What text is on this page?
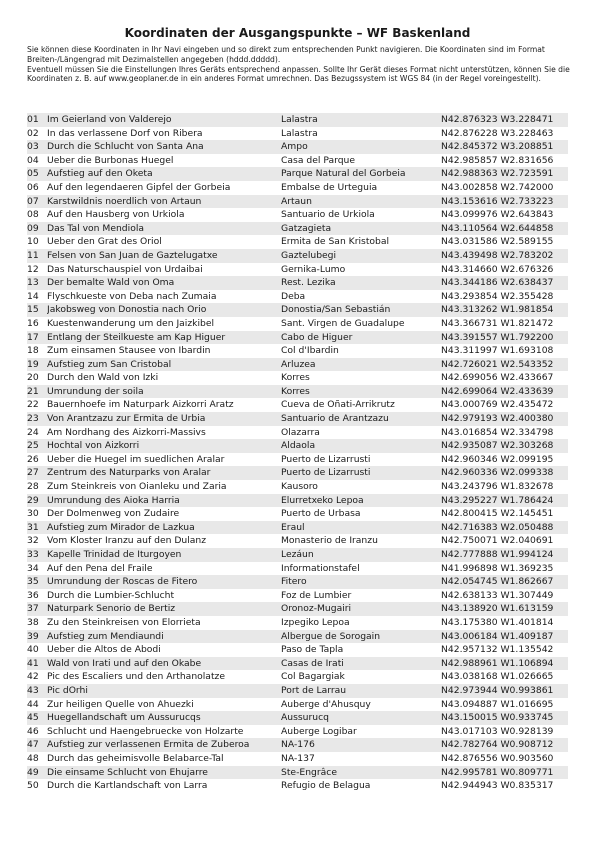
Koordinaten der Ausgangspunkte – WF Baskenland

Sie können diese Koordinaten in Ihr Navi eingeben und so direkt zum entsprechenden Punkt navigieren. Die Koordinaten sind im Format Breiten-/Längengrad mit Dezimalstellen angegeben (hddd.ddddd).

Eventuell müssen Sie die Einstellungen Ihres Geräts entsprechend anpassen. Sollte Ihr Gerät dieses Format nicht unterstützen, können Sie die Koordinaten z. B. auf www.geoplaner.de in ein anderes Format umrechnen. Das Bezugssystem ist WGS 84 (in der Regel voreingestellt).

01	Im Geierland von Valderejo	Lalastra	N42.876323 W3.228471
02	In das verlassene Dorf von Ribera	Lalastra	N42.876228 W3.228463
03	Durch die Schlucht von Santa Ana	Ampo	N42.845372 W3.208851
04	Ueber die Burbonas Huegel	Casa del Parque	N42.985857 W2.831656
05	Aufstieg auf den Oketa	Parque Natural del Gorbeia	N42.988363 W2.723591
06	Auf den legendaeren Gipfel der Gorbeia	Embalse de Urteguia	N43.002858 W2.742000
07	Karstwildnis noerdlich von Artaun	Artaun	N43.153616 W2.733223
08	Auf den Hausberg von Urkiola	Santuario de Urkiola	N43.099976 W2.643843
09	Das Tal von Mendiola	Gatzagieta	N43.110564 W2.644858
10	Ueber den Grat des Oriol	Ermita de San Kristobal	N43.031586 W2.589155
11	Felsen von San Juan de Gaztelugatxe	Gaztelubegi	N43.439498 W2.783202
12	Das Naturschauspiel von Urdaibai	Gernika-Lumo	N43.314660 W2.676326
13	Der bemalte Wald von Oma	Rest. Lezika	N43.344186 W2.638437
14	Flyschkueste von Deba nach Zumaia	Deba	N43.293854 W2.355428
15	Jakobsweg von Donostia nach Orio	Donostia/San Sebastián	N43.313262 W1.981854
16	Kuestenwanderung um den Jaizkibel	Sant. Virgen de Guadalupe	N43.366731 W1.821472
17	Entlang der Steilkueste am Kap Higuer	Cabo de Higuer	N43.391557 W1.792200
18	Zum einsamen Stausee von Ibardin	Col d'Ibardin	N43.311997 W1.693108
19	Aufstieg zum San Cristobal	Arluzea	N42.726021 W2.543352
20	Durch den Wald von Izki	Korres	N42.699056 W2.433667
21	Umrundung der soila	Korres	N42.699064 W2.433639
22	Bauernhoefe im Naturpark Aizkorri Aratz	Cueva de Oñati-Arrikrutz	N43.000769 W2.435472
23	Von Arantzazu zur Ermita de Urbia	Santuario de Arantzazu	N42.979193 W2.400380
24	Am Nordhang des Aizkorri-Massivs	Olazarra	N43.016854 W2.334798
25	Hochtal von Aizkorri	Aldaola	N42.935087 W2.303268
26	Ueber die Huegel im suedlichen Aralar	Puerto de Lizarrusti	N42.960346 W2.099195
27	Zentrum des Naturparks von Aralar	Puerto de Lizarrusti	N42.960336 W2.099338
28	Zum Steinkreis von Oianleku und Zaria	Kausoro	N43.243796 W1.832678
29	Umrundung des Aioka Harria	Elurretxeko Lepoa	N43.295227 W1.786424
30	Der Dolmenweg von Zudaire	Puerto de Urbasa	N42.800415 W2.145451
31	Aufstieg zum Mirador de Lazkua	Eraul	N42.716383 W2.050488
32	Vom Kloster Iranzu auf den Dulanz	Monasterio de Iranzu	N42.750071 W2.040691
33	Kapelle Trinidad de Iturgoyen	Lezáun	N42.777888 W1.994124
34	Auf den Pena del Fraile	Informationstafel	N41.996898 W1.369235
35	Umrundung der Roscas de Fitero	Fitero	N42.054745 W1.862667
36	Durch die Lumbier-Schlucht	Foz de Lumbier	N42.638133 W1.307449
37	Naturpark Senorio de Bertiz	Oronoz-Mugairi	N43.138920 W1.613159
38	Zu den Steinkreisen von Elorrieta	Izpegiko Lepoa	N43.175380 W1.401814
39	Aufstieg zum Mendiaundi	Albergue de Sorogain	N43.006184 W1.409187
40	Ueber die Altos de Abodi	Paso de Tapla	N42.957132 W1.135542
41	Wald von Irati und auf den Okabe	Casas de Irati	N42.988961 W1.106894
42	Pic des Escaliers und den Arthanolatze	Col Bagargiak	N43.038168 W1.026665
43	Pic dOrhi	Port de Larrau	N42.973944 W0.993861
44	Zur heiligen Quelle von Ahuezki	Auberge d'Ahusquy	N43.094887 W1.016695
45	Huegellandschaft um Aussurucqs	Aussurucq	N43.150015 W0.933745
46	Schlucht und Haengebruecke von Holzarte	Auberge Logibar	N43.017103 W0.928139
47	Aufstieg zur verlassenen Ermita de Zuberoa	NA-176	N42.782764 W0.908712
48	Durch das geheimisvolle Belabarce-Tal	NA-137	N42.876556 W0.903560
49	Die einsame Schlucht von Ehujarre	Ste-Engrâce	N42.995781 W0.809771
50	Durch die Kartlandschaft von Larra	Refugio de Belagua	N42.944943 W0.835317
